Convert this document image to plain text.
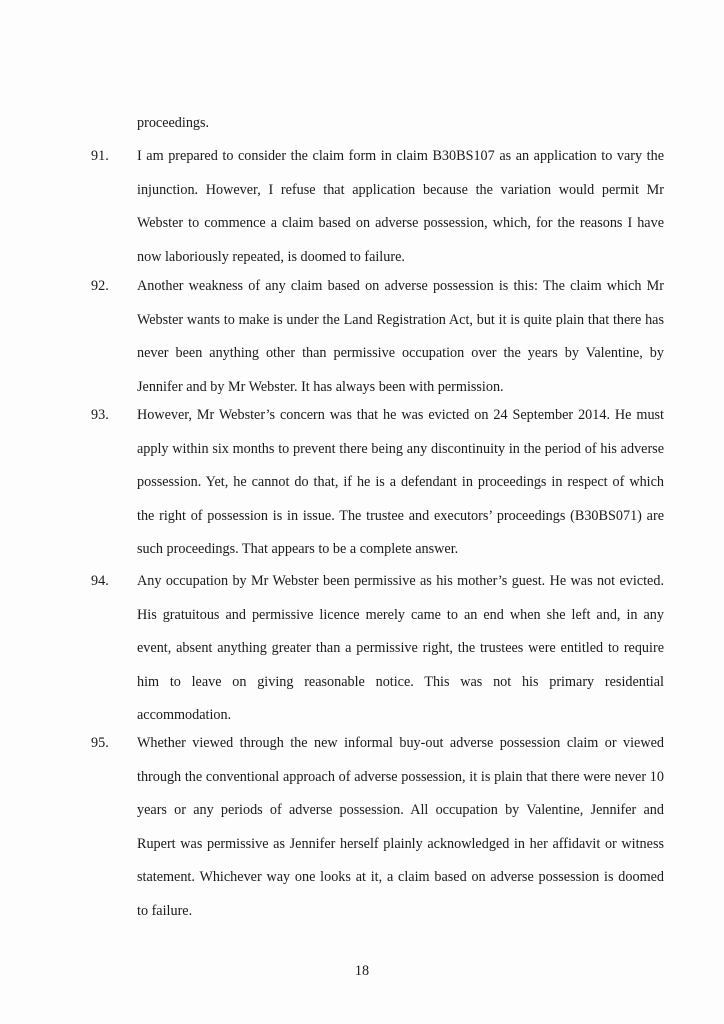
proceedings.
91. I am prepared to consider the claim form in claim B30BS107 as an application to vary the
injunction. However, I refuse that application because the variation would permit Mr
Webster to commence a claim based on adverse possession, which, for the reasons I have
now laboriously repeated, is doomed to failure.
92. Another weakness of any claim based on adverse possession is this: The claim which Mr
Webster wants to make is under the Land Registration Act, but it is quite plain that there has
never been anything other than permissive occupation over the years by Valentine, by
Jennifer and by Mr Webster. It has always been with permission.
93. However, Mr Webster’s concern was that he was evicted on 24 September 2014. He must
apply within six months to prevent there being any discontinuity in the period of his adverse
possession. Yet, he cannot do that, if he is a defendant in proceedings in respect of which
the right of possession is in issue. The trustee and executors’ proceedings (B30BS071) are
such proceedings. That appears to be a complete answer.
94. Any occupation by Mr Webster been permissive as his mother’s guest. He was not evicted.
His gratuitous and permissive licence merely came to an end when she left and, in any
event, absent anything greater than a permissive right, the trustees were entitled to require
him to leave on giving reasonable notice. This was not his primary residential
accommodation.
95. Whether viewed through the new informal buy-out adverse possession claim or viewed
through the conventional approach of adverse possession, it is plain that there were never 10
years or any periods of adverse possession. All occupation by Valentine, Jennifer and
Rupert was permissive as Jennifer herself plainly acknowledged in her affidavit or witness
statement. Whichever way one looks at it, a claim based on adverse possession is doomed
to failure.
18
